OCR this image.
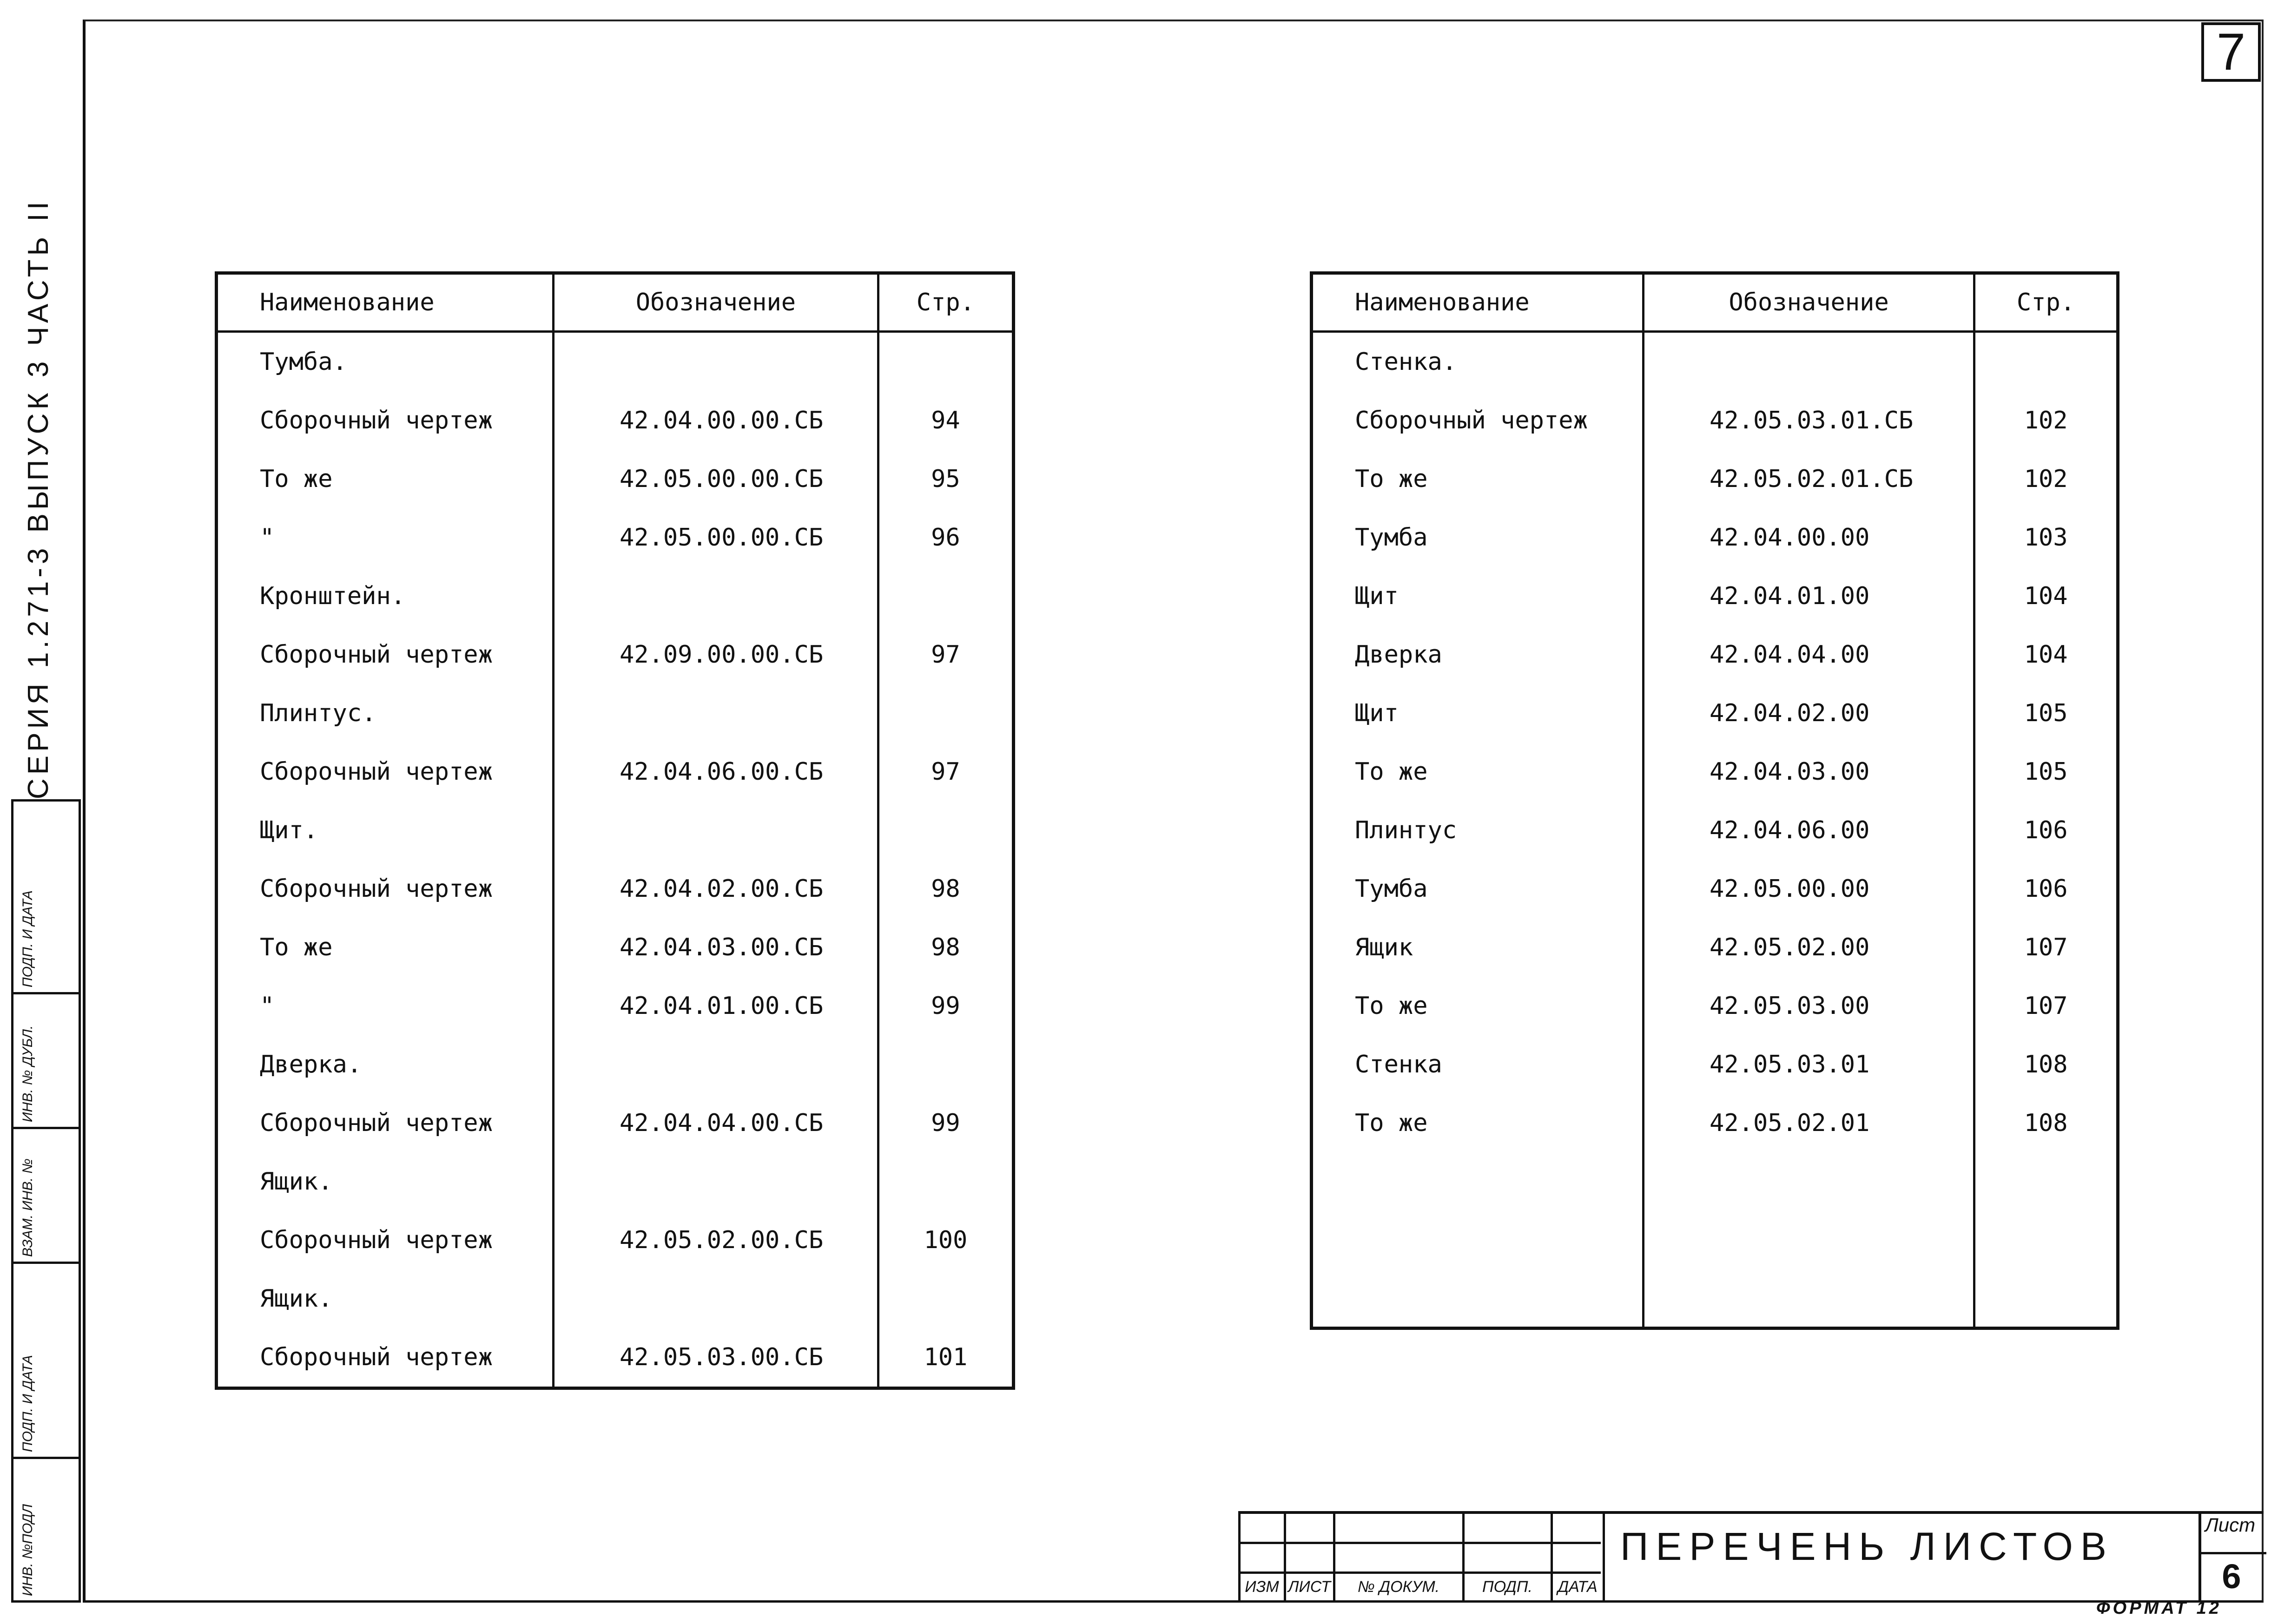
7
СЕРИЯ 1.271-3 ВЫПУСК 3 ЧАСТЬ II
ПОДП. И ДАТА
ИНВ. № ДУБЛ.
ВЗАМ. ИНВ. №
ПОДП. И ДАТА
ИНВ. №ПОДЛ
Наименование	Обозначение	Стр.
Тумба.		
Сборочный чертеж	42.04.00.00.СБ	94
То же	42.05.00.00.СБ	95
"	42.05.00.00.СБ	96
Кронштейн.		
Сборочный чертеж	42.09.00.00.СБ	97
Плинтус.		
Сборочный чертеж	42.04.06.00.СБ	97
Щит.		
Сборочный чертеж	42.04.02.00.СБ	98
То же	42.04.03.00.СБ	98
"	42.04.01.00.СБ	99
Дверка.		
Сборочный чертеж	42.04.04.00.СБ	99
Ящик.		
Сборочный чертеж	42.05.02.00.СБ	100
Ящик.		
Сборочный чертеж	42.05.03.00.СБ	101

Наименование	Обозначение	Стр.
Стенка.		
Сборочный чертеж	42.05.03.01.СБ	102
То же	42.05.02.01.СБ	102
Тумба	42.04.00.00	103
Щит	42.04.01.00	104
Дверка	42.04.04.00	104
Щит	42.04.02.00	105
То же	42.04.03.00	105
Плинтус	42.04.06.00	106
Тумба	42.05.00.00	106
Ящик	42.05.02.00	107
То же	42.05.03.00	107
Стенка	42.05.03.01	108
То же	42.05.02.01	108

ИЗМ ЛИСТ	№ ДОКУМ.	ПОДП.	ДАТА
ПЕРЕЧЕНЬ ЛИСТОВ	Лист
6
ФОРМАТ 12
